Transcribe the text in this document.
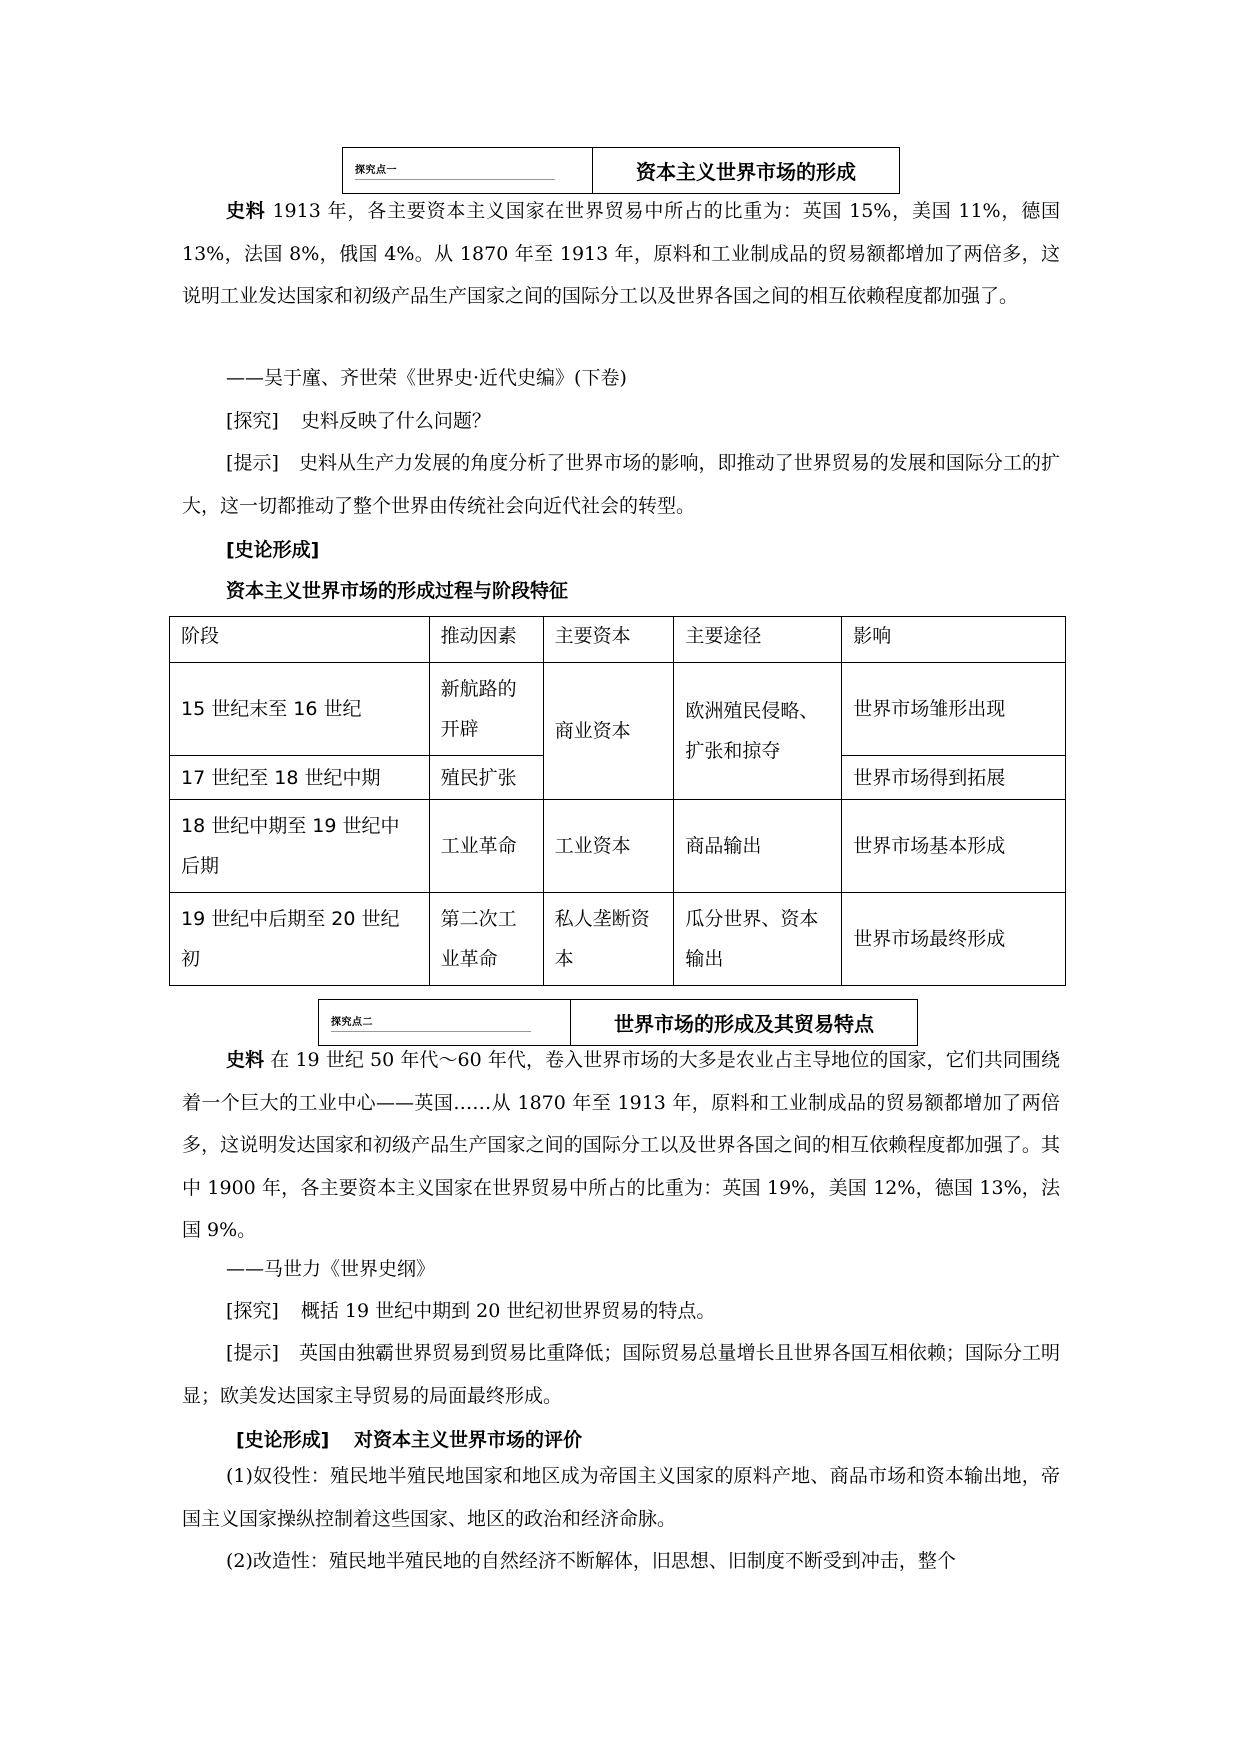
探究点一	资本主义世界市场的形成
史料 1913 年，各主要资本主义国家在世界贸易中所占的比重为：英国 15%，美国 11%，德国 13%，法国 8%，俄国 4%。从 1870 年至 1913 年，原料和工业制成品的贸易额都增加了两倍多，这说明工业发达国家和初级产品生产国家之间的国际分工以及世界各国之间的相互依赖程度都加强了。
——吴于廑、齐世荣《世界史·近代史编》(下卷)
[探究] 史料反映了什么问题？
[提示] 史料从生产力发展的角度分析了世界市场的影响，即推动了世界贸易的发展和国际分工的扩大，这一切都推动了整个世界由传统社会向近代社会的转型。
[史论形成]
资本主义世界市场的形成过程与阶段特征
阶段	推动因素	主要资本	主要途径	影响
15 世纪末至 16 世纪	新航路的开辟	商业资本	欧洲殖民侵略、扩张和掠夺	世界市场雏形出现
17 世纪至 18 世纪中期	殖民扩张			世界市场得到拓展
18 世纪中期至 19 世纪中后期	工业革命	工业资本	商品输出	世界市场基本形成
19 世纪中后期至 20 世纪初	第二次工业革命	私人垄断资本	瓜分世界、资本输出	世界市场最终形成
探究点二	世界市场的形成及其贸易特点
史料 在 19 世纪 50 年代～60 年代，卷入世界市场的大多是农业占主导地位的国家，它们共同围绕着一个巨大的工业中心——英国……从 1870 年至 1913 年，原料和工业制成品的贸易额都增加了两倍多，这说明发达国家和初级产品生产国家之间的国际分工以及世界各国之间的相互依赖程度都加强了。其中 1900 年，各主要资本主义国家在世界贸易中所占的比重为：英国 19%，美国 12%，德国 13%，法国 9%。
——马世力《世界史纲》
[探究] 概括 19 世纪中期到 20 世纪初世界贸易的特点。
[提示] 英国由独霸世界贸易到贸易比重降低；国际贸易总量增长且世界各国互相依赖；国际分工明显；欧美发达国家主导贸易的局面最终形成。
[史论形成] 对资本主义世界市场的评价
(1)奴役性：殖民地半殖民地国家和地区成为帝国主义国家的原料产地、商品市场和资本输出地，帝国主义国家操纵控制着这些国家、地区的政治和经济命脉。
(2)改造性：殖民地半殖民地的自然经济不断解体，旧思想、旧制度不断受到冲击，整个
